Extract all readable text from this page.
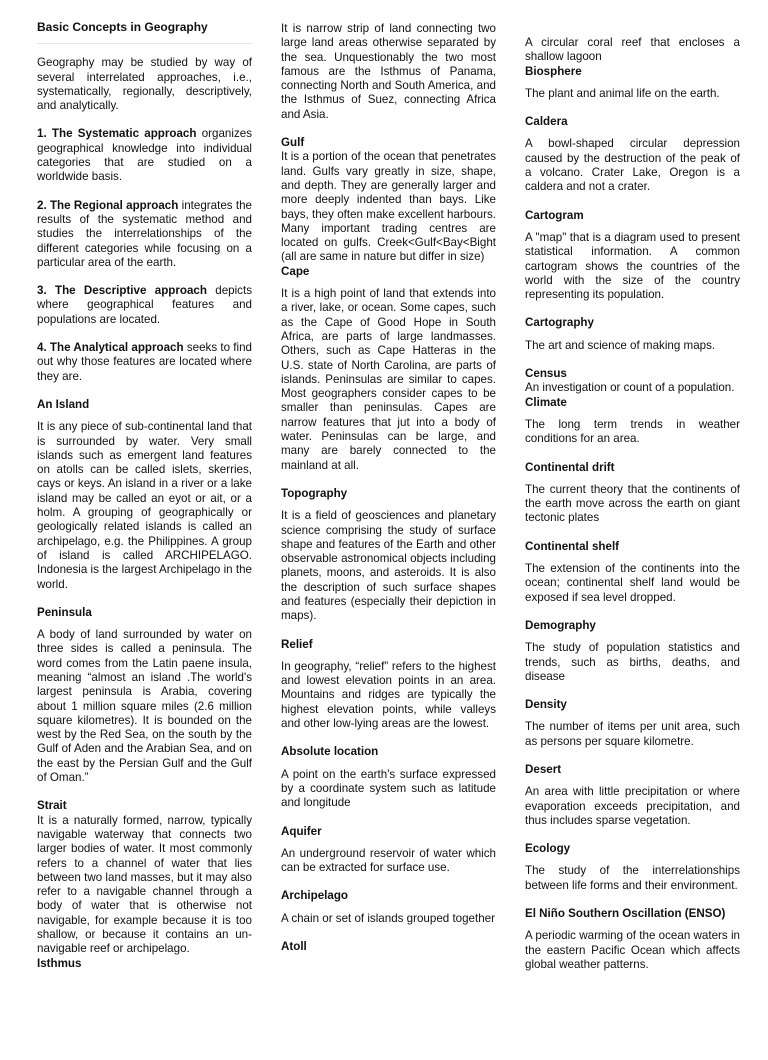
Basic Concepts in Geography

Geography may be studied by way of several interrelated approaches, i.e., systematically, regionally, descriptively, and analytically.

1. The Systematic approach organizes geographical knowledge into individual categories that are studied on a worldwide basis.

2. The Regional approach integrates the results of the systematic method and studies the interrelationships of the different categories while focusing on a particular area of the earth.

3. The Descriptive approach depicts where geographical features and populations are located.

4. The Analytical approach seeks to find out why those features are located where they are.

An Island

It is any piece of sub-continental land that is surrounded by water. Very small islands such as emergent land features on atolls can be called islets, skerries, cays or keys. An island in a river or a lake island may be called an eyot or ait, or a holm. A grouping of geographically or geologically related islands is called an archipelago, e.g. the Philippines. A group of island is called ARCHIPELAGO. Indonesia is the largest Archipelago in the world.

Peninsula

A body of land surrounded by water on three sides is called a peninsula. The word comes from the Latin paene insula, meaning “almost an island .The world's largest peninsula is Arabia, covering about 1 million square miles (2.6 million square kilometres). It is bounded on the west by the Red Sea, on the south by the Gulf of Aden and the Arabian Sea, and on the east by the Persian Gulf and the Gulf of Oman.”

Strait

It is a naturally formed, narrow, typically navigable waterway that connects two larger bodies of water. It most commonly refers to a channel of water that lies between two land masses, but it may also refer to a navigable channel through a body of water that is otherwise not navigable, for example because it is too shallow, or because it contains an un-navigable reef or archipelago.

Isthmus

It is narrow strip of land connecting two large land areas otherwise separated by the sea. Unquestionably the two most famous are the Isthmus of Panama, connecting North and South America, and the Isthmus of Suez, connecting Africa and Asia.

Gulf

It is a portion of the ocean that penetrates land. Gulfs vary greatly in size, shape, and depth. They are generally larger and more deeply indented than bays. Like bays, they often make excellent harbours. Many important trading centres are located on gulfs. Creek<Gulf<Bay<Bight (all are same in nature but differ in size)

Cape

It is a high point of land that extends into a river, lake, or ocean. Some capes, such as the Cape of Good Hope in South Africa, are parts of large landmasses. Others, such as Cape Hatteras in the U.S. state of North Carolina, are parts of islands. Peninsulas are similar to capes. Most geographers consider capes to be smaller than peninsulas. Capes are narrow features that jut into a body of water. Peninsulas can be large, and many are barely connected to the mainland at all.

Topography

It is a field of geosciences and planetary science comprising the study of surface shape and features of the Earth and other observable astronomical objects including planets, moons, and asteroids. It is also the description of such surface shapes and features (especially their depiction in maps).

Relief

In geography, “relief” refers to the highest and lowest elevation points in an area. Mountains and ridges are typically the highest elevation points, while valleys and other low-lying areas are the lowest.

Absolute location

A point on the earth's surface expressed by a coordinate system such as latitude and longitude

Aquifer

An underground reservoir of water which can be extracted for surface use.

Archipelago

A chain or set of islands grouped together

Atoll

A circular coral reef that encloses a shallow lagoon

Biosphere

The plant and animal life on the earth.

Caldera

A bowl-shaped circular depression caused by the destruction of the peak of a volcano. Crater Lake, Oregon is a caldera and not a crater.

Cartogram

A "map" that is a diagram used to present statistical information. A common cartogram shows the countries of the world with the size of the country representing its population.

Cartography

The art and science of making maps.

Census

An investigation or count of a population.

Climate

The long term trends in weather conditions for an area.

Continental drift

The current theory that the continents of the earth move across the earth on giant tectonic plates

Continental shelf

The extension of the continents into the ocean; continental shelf land would be exposed if sea level dropped.

Demography

The study of population statistics and trends, such as births, deaths, and disease

Density

The number of items per unit area, such as persons per square kilometre.

Desert

An area with little precipitation or where evaporation exceeds precipitation, and thus includes sparse vegetation.

Ecology

The study of the interrelationships between life forms and their environment.

El Niño Southern Oscillation (ENSO)

A periodic warming of the ocean waters in the eastern Pacific Ocean which affects global weather patterns.
